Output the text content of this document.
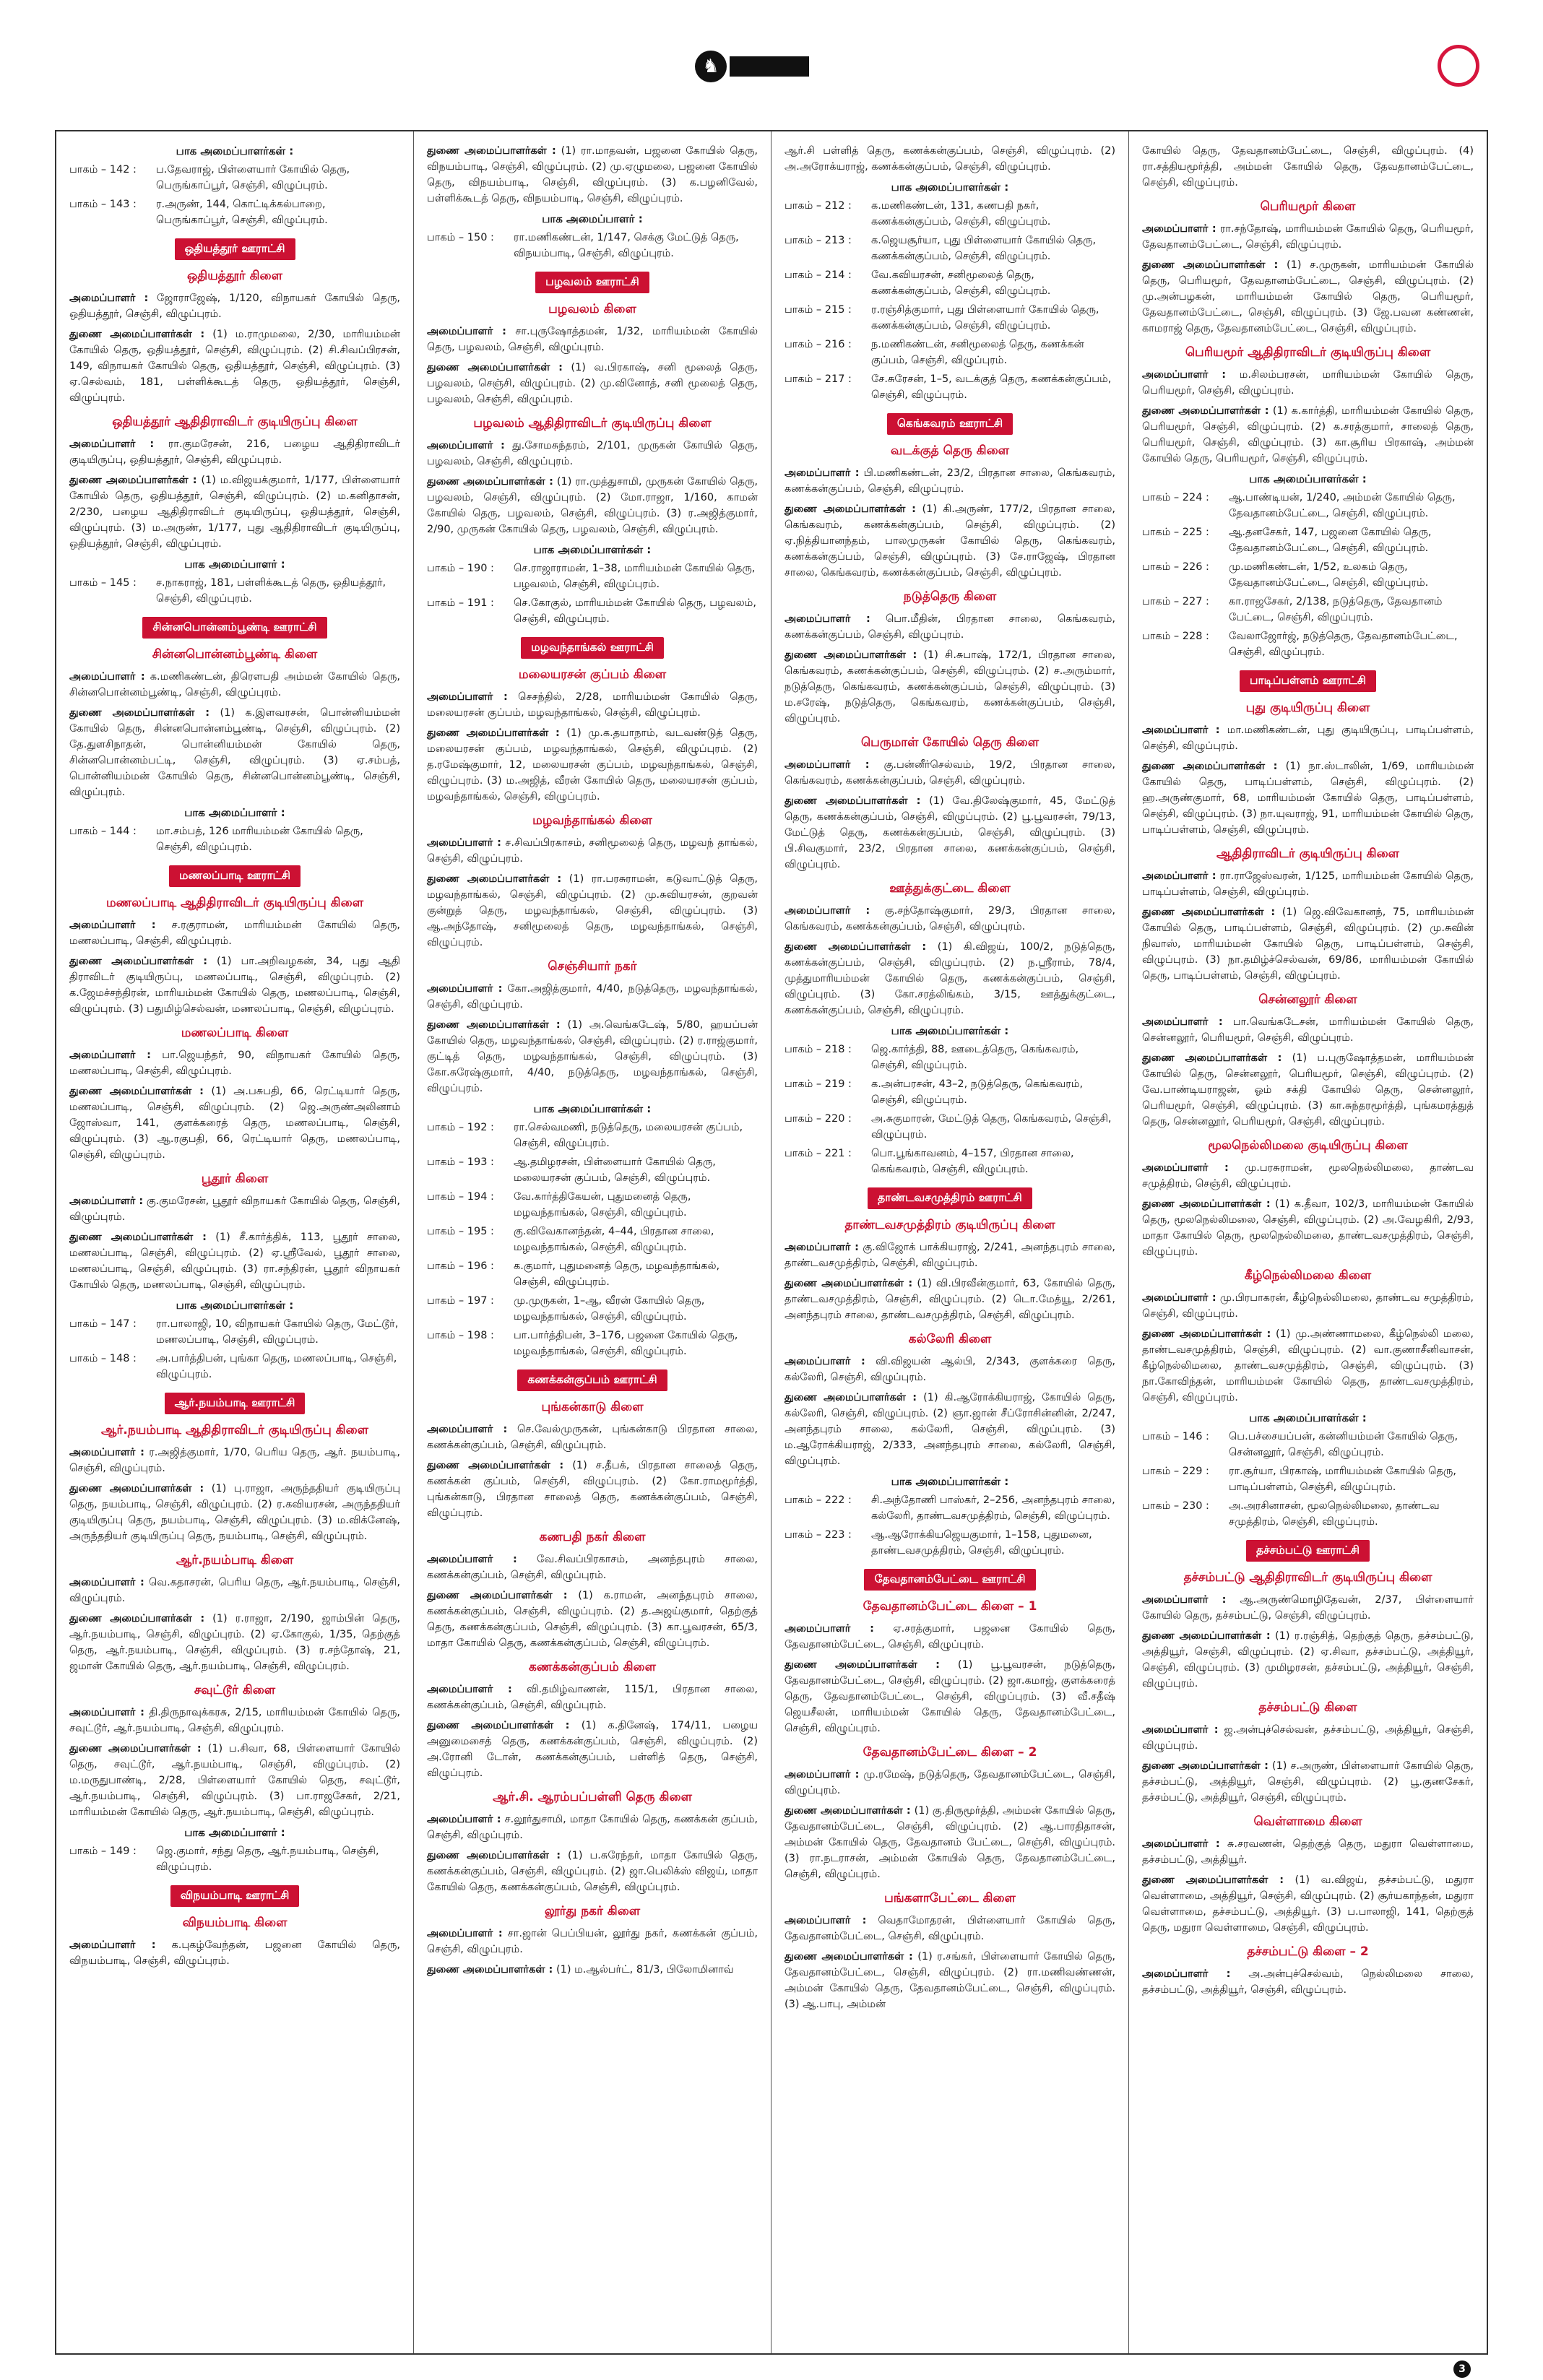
♞
பாக அமைப்பாளர்கள் :
பாகம் – 142 :	ப.தேவராஜ், பிள்ளையார் கோயில் தெரு, பெருங்காப்பூர், செஞ்சி, விழுப்புரம்.
பாகம் – 143 :	ர.அருண், 144, கொட்டிக்கல்பாறை, பெருங்காப்பூர், செஞ்சி, விழுப்புரம்.
ஒதியத்தூர் ஊராட்சி
ஒதியத்தூர் கிளை
அமைப்பாளர் : ஜோராஜேஷ், 1/120, விநாயகர் கோயில் தெரு, ஒதியத்தூர், செஞ்சி, விழுப்புரம்.
துணை அமைப்பாளர்கள் : (1) ம.ராமுமலை, 2/30, மாரியம்மன் கோயில் தெரு, ஒதியத்தூர், செஞ்சி, விழுப்புரம். (2) சி.சிவப்பிரசன், 149, விநாயகர் கோயில் தெரு, ஒதியத்தூர், செஞ்சி, விழுப்புரம். (3) ஏ.செல்வம், 181, பள்ளிக்கூடத் தெரு, ஒதியத்தூர், செஞ்சி, விழுப்புரம்.
ஒதியத்தூர் ஆதிதிராவிடர் குடியிருப்பு கிளை
அமைப்பாளர் : ரா.குமரேசன், 216, பழைய ஆதிதிராவிடர் குடியிருப்பு, ஒதியத்தூர், செஞ்சி, விழுப்புரம்.
துணை அமைப்பாளர்கள் : (1) ம.விஜயக்குமார், 1/177, பிள்ளையார் கோயில் தெரு, ஒதியத்தூர், செஞ்சி, விழுப்புரம். (2) ம.கனிதாசன், 2/230, பழைய ஆதிதிராவிடர் குடியிருப்பு, ஒதியத்தூர், செஞ்சி, விழுப்புரம். (3) ம.அருண், 1/177, புது ஆதிதிராவிடர் குடியிருப்பு, ஒதியத்தூர், செஞ்சி, விழுப்புரம்.
பாக அமைப்பாளர் :
பாகம் – 145 :	ச.நாகராஜ், 181, பள்ளிக்கூடத் தெரு, ஒதியத்தூர், செஞ்சி, விழுப்புரம்.
சின்னபொன்னம்பூண்டி ஊராட்சி
சின்னபொன்னம்பூண்டி கிளை
அமைப்பாளர் : க.மணிகண்டன், திரௌபதி அம்மன் கோயில் தெரு, சின்னபொன்னம்பூண்டி, செஞ்சி, விழுப்புரம்.
துணை அமைப்பாளர்கள் : (1) க.இளவரசன், பொன்னியம்மன் கோயில் தெரு, சின்னபொன்னம்பூண்டி, செஞ்சி, விழுப்புரம். (2) தே.துளசிநாதன், பொன்னியம்மன் கோயில் தெரு, சின்னபொன்னம்பட்டி, செஞ்சி, விழுப்புரம். (3) ஏ.சம்பத், பொன்னியம்மன் கோயில் தெரு, சின்னபொன்னம்பூண்டி, செஞ்சி, விழுப்புரம்.
பாக அமைப்பாளர் :
பாகம் – 144 :	மா.சம்பத், 126 மாரியம்மன் கோயில் தெரு, செஞ்சி, விழுப்புரம்.
மணலப்பாடி ஊராட்சி
மணலப்பாடி ஆதிதிராவிடர் குடியிருப்பு கிளை
அமைப்பாளர் : ச.ரகுராமன், மாரியம்மன் கோயில் தெரு, மணலப்பாடி, செஞ்சி, விழுப்புரம்.
துணை அமைப்பாளர்கள் : (1) பா.அறிவழகன், 34, புது ஆதி திராவிடர் குடியிருப்பு, மணலப்பாடி, செஞ்சி, விழுப்புரம். (2) க.ஜேமச்சந்திரன், மாரியம்மன் கோயில் தெரு, மணலப்பாடி, செஞ்சி, விழுப்புரம். (3) பதுமிழ்செல்வன், மணலப்பாடி, செஞ்சி, விழுப்புரம்.
மணலப்பாடி கிளை
அமைப்பாளர் : பா.ஜெயந்தர், 90, விநாயகர் கோயில் தெரு, மணலப்பாடி, செஞ்சி, விழுப்புரம்.
துணை அமைப்பாளர்கள் : (1) அ.பசுபதி, 66, ரெட்டியார் தெரு, மணலப்பாடி, செஞ்சி, விழுப்புரம். (2) ஜெ.அருண்அலினாம் ஜோஸ்வா, 141, குளக்கரைத் தெரு, மணலப்பாடி, செஞ்சி, விழுப்புரம். (3) ஆ.ரகுபதி, 66, ரெட்டியார் தெரு, மணலப்பாடி, செஞ்சி, விழுப்புரம்.
பூதூர் கிளை
அமைப்பாளர் : கு.குமரேசன், பூதூர் விநாயகர் கோயில் தெரு, செஞ்சி, விழுப்புரம்.
துணை அமைப்பாளர்கள் : (1) சீ.கார்த்திக், 113, பூதூர் சாலை, மணலப்பாடி, செஞ்சி, விழுப்புரம். (2) ஏ.ஸ்ரீவேல், பூதூர் சாலை, மணலப்பாடி, செஞ்சி, விழுப்புரம். (3) ரா.சந்திரன், பூதூர் விநாயகர் கோயில் தெரு, மணலப்பாடி, செஞ்சி, விழுப்புரம்.
பாக அமைப்பாளர்கள் :
பாகம் – 147 :	ரா.பாலாஜி, 10, விநாயகர் கோயில் தெரு, மேட்டூர், மணலப்பாடி, செஞ்சி, விழுப்புரம்.
பாகம் – 148 :	அ.பார்த்திபன், புங்கா தெரு, மணலப்பாடி, செஞ்சி, விழுப்புரம்.
ஆர்.நயம்பாடி ஊராட்சி
ஆர்.நயம்பாடி ஆதிதிராவிடர் குடியிருப்பு கிளை
அமைப்பாளர் : ர.அஜித்குமார், 1/70, பெரிய தெரு, ஆர். நயம்பாடி, செஞ்சி, விழுப்புரம்.
துணை அமைப்பாளர்கள் : (1) பு.ராஜா, அருந்ததியர் குடியிருப்பு தெரு, நயம்பாடி, செஞ்சி, விழுப்புரம். (2) ர.கவியரசன், அருந்ததியர் குடியிருப்பு தெரு, நயம்பாடி, செஞ்சி, விழுப்புரம். (3) ம.விக்னேஷ், அருந்ததியர் குடியிருப்பு தெரு, நயம்பாடி, செஞ்சி, விழுப்புரம்.
ஆர்.நயம்பாடி கிளை
அமைப்பாளர் : வெ.கதாசரன், பெரிய தெரு, ஆர்.நயம்பாடி, செஞ்சி, விழுப்புரம்.
துணை அமைப்பாளர்கள் : (1) ர.ராஜா, 2/190, ஜாம்பின் தெரு, ஆர்.நயம்பாடி, செஞ்சி, விழுப்புரம். (2) ஏ.கோகுல், 1/35, தெற்குத் தெரு, ஆர்.நயம்பாடி, செஞ்சி, விழுப்புரம். (3) ர.சந்தோஷ், 21, ஜமான் கோயில் தெரு, ஆர்.நயம்பாடி, செஞ்சி, விழுப்புரம்.
சவுட்டூர் கிளை
அமைப்பாளர் : தி.திருநாவுக்கரசு, 2/15, மாரியம்மன் கோயில் தெரு, சவுட்டூர், ஆர்.நயம்பாடி, செஞ்சி, விழுப்புரம்.
துணை அமைப்பாளர்கள் : (1) ப.சிவா, 68, பிள்ளையார் கோயில் தெரு, சவுட்டூர், ஆர்.நயம்பாடி, செஞ்சி, விழுப்புரம். (2) ம.மருதுபாண்டி, 2/28, பிள்ளையார் கோயில் தெரு, சவுட்டூர், ஆர்.நயம்பாடி, செஞ்சி, விழுப்புரம். (3) பா.ராஜசேகர், 2/21, மாரியம்மன் கோயில் தெரு, ஆர்.நயம்பாடி, செஞ்சி, விழுப்புரம்.
பாக அமைப்பாளர் :
பாகம் – 149 :	ஜெ.குமார், சந்து தெரு, ஆர்.நயம்பாடி, செஞ்சி, விழுப்புரம்.
விநயம்பாடி ஊராட்சி
விநயம்பாடி கிளை
அமைப்பாளர் : க.புகழ்வேந்தன், பஜனை கோயில் தெரு, விநயம்பாடி, செஞ்சி, விழுப்புரம்.
துணை அமைப்பாளர்கள் : (1) ரா.மாதவன், பஜனை கோயில் தெரு, விநயம்பாடி, செஞ்சி, விழுப்புரம். (2) மு.ஏழுமலை, பஜனை கோயில் தெரு, விநயம்பாடி, செஞ்சி, விழுப்புரம். (3) க.பழனிவேல், பள்ளிக்கூடத் தெரு, விநயம்பாடி, செஞ்சி, விழுப்புரம்.
பாக அமைப்பாளர் :
பாகம் – 150 :	ரா.மணிகண்டன், 1/147, செக்கு மேட்டுத் தெரு, விநயம்பாடி, செஞ்சி, விழுப்புரம்.
பழவலம் ஊராட்சி
பழவலம் கிளை
அமைப்பாளர் : சா.புருஷோத்தமன், 1/32, மாரியம்மன் கோயில் தெரு, பழவலம், செஞ்சி, விழுப்புரம்.
துணை அமைப்பாளர்கள் : (1) வ.பிரகாஷ், சனி மூலைத் தெரு, பழவலம், செஞ்சி, விழுப்புரம். (2) மு.வினோத், சனி மூலைத் தெரு, பழவலம், செஞ்சி, விழுப்புரம்.
பழவலம் ஆதிதிராவிடர் குடியிருப்பு கிளை
அமைப்பாளர் : து.சோமசுந்தரம், 2/101, முருகன் கோயில் தெரு, பழவலம், செஞ்சி, விழுப்புரம்.
துணை அமைப்பாளர்கள் : (1) ரா.முத்துசாமி, முருகன் கோயில் தெரு, பழவலம், செஞ்சி, விழுப்புரம். (2) மோ.ராஜா, 1/160, காமன் கோயில் தெரு, பழவலம், செஞ்சி, விழுப்புரம். (3) ர.அஜித்குமார், 2/90, முருகன் கோயில் தெரு, பழவலம், செஞ்சி, விழுப்புரம்.
பாக அமைப்பாளர்கள் :
பாகம் – 190 :	செ.ராஜாராமன், 1–38, மாரியம்மன் கோயில் தெரு, பழவலம், செஞ்சி, விழுப்புரம்.
பாகம் – 191 :	செ.கோகுல், மாரியம்மன் கோயில் தெரு, பழவலம், செஞ்சி, விழுப்புரம்.
மழவந்தாங்கல் ஊராட்சி
மலையரசன் குப்பம் கிளை
அமைப்பாளர் : செசந்தில், 2/28, மாரியம்மன் கோயில் தெரு, மலையரசன் குப்பம், மழவந்தாங்கல், செஞ்சி, விழுப்புரம்.
துணை அமைப்பாளர்கள் : (1) மு.க.தயாநாம், வடவண்டுத் தெரு, மலையரசன் குப்பம், மழவந்தாங்கல், செஞ்சி, விழுப்புரம். (2) த.ரமேஷ்குமார், 12, மலையரசன் குப்பம், மழவந்தாங்கல், செஞ்சி, விழுப்புரம். (3) ம.அஜித், வீரன் கோயில் தெரு, மலையரசன் குப்பம், மழவந்தாங்கல், செஞ்சி, விழுப்புரம்.
மழவந்தாங்கல் கிளை
அமைப்பாளர் : ச.சிவப்பிரகாசம், சனிமூலைத் தெரு, மழவந் தாங்கல், செஞ்சி, விழுப்புரம்.
துணை அமைப்பாளர்கள் : (1) ரா.பரசுராமன், கடுவாட்டுத் தெரு, மழவந்தாங்கல், செஞ்சி, விழுப்புரம். (2) மு.சுவியரசன், குறவன் குன்றுத் தெரு, மழவந்தாங்கல், செஞ்சி, விழுப்புரம். (3) ஆ.அந்தோஷ், சனிமூலைத் தெரு, மழவந்தாங்கல், செஞ்சி, விழுப்புரம்.
செஞ்சியார் நகர்
அமைப்பாளர் : கோ.அஜித்குமார், 4/40, நடுத்தெரு, மழவந்தாங்கல், செஞ்சி, விழுப்புரம்.
துணை அமைப்பாளர்கள் : (1) அ.வெங்கடேஷ், 5/80, ஹயப்பன் கோயில் தெரு, மழவந்தாங்கல், செஞ்சி, விழுப்புரம். (2) ர.ராஜ்குமார், குட்டித் தெரு, மழவந்தாங்கல், செஞ்சி, விழுப்புரம். (3) கோ.சுரேஷ்குமார், 4/40, நடுத்தெரு, மழவந்தாங்கல், செஞ்சி, விழுப்புரம்.
பாக அமைப்பாளர்கள் :
பாகம் – 192 :	ரா.செல்வமணி, நடுத்தெரு, மலையரசன் குப்பம், செஞ்சி, விழுப்புரம்.
பாகம் – 193 :	ஆ.தமிழரசன், பிள்ளையார் கோயில் தெரு, மலையரசன் குப்பம், செஞ்சி, விழுப்புரம்.
பாகம் – 194 :	வே.கார்த்திகேயன், புதுமனைத் தெரு, மழவந்தாங்கல், செஞ்சி, விழுப்புரம்.
பாகம் – 195 :	கு.விவேகானந்தன், 4–44, பிரதான சாலை, மழவந்தாங்கல், செஞ்சி, விழுப்புரம்.
பாகம் – 196 :	க.குமார், புதுமனைத் தெரு, மழவந்தாங்கல், செஞ்சி, விழுப்புரம்.
பாகம் – 197 :	மு.முருகன், 1–ஆ, வீரன் கோயில் தெரு, மழவந்தாங்கல், செஞ்சி, விழுப்புரம்.
பாகம் – 198 :	பா.பார்த்திபன், 3–176, பஜனை கோயில் தெரு, மழவந்தாங்கல், செஞ்சி, விழுப்புரம்.
கணக்கன்குப்பம் ஊராட்சி
புங்கன்காடு கிளை
அமைப்பாளர் : செ.வேல்முருகன், புங்கன்காடு பிரதான சாலை, கணக்கன்குப்பம், செஞ்சி, விழுப்புரம்.
துணை அமைப்பாளர்கள் : (1) ச.தீபக், பிரதான சாலைத் தெரு, கணக்கன் குப்பம், செஞ்சி, விழுப்புரம். (2) கோ.ராமமூர்த்தி, புங்கன்காடு, பிரதான சாலைத் தெரு, கணக்கன்குப்பம், செஞ்சி, விழுப்புரம்.
கணபதி நகர் கிளை
அமைப்பாளர் : வே.சிவப்பிரகாசம், அனந்தபுரம் சாலை, கணக்கன்குப்பம், செஞ்சி, விழுப்புரம்.
துணை அமைப்பாளர்கள் : (1) க.ராமன், அனந்தபுரம் சாலை, கணக்கன்குப்பம், செஞ்சி, விழுப்புரம். (2) த.அஜய்குமார், தெற்குத் தெரு, கணக்கன்குப்பம், செஞ்சி, விழுப்புரம். (3) கா.பூவரசன், 65/3, மாதா கோயில் தெரு, கணக்கன்குப்பம், செஞ்சி, விழுப்புரம்.
கணக்கன்குப்பம் கிளை
அமைப்பாளர் : வி.தமிழ்வாணன், 115/1, பிரதான சாலை, கணக்கன்குப்பம், செஞ்சி, விழுப்புரம்.
துணை அமைப்பாளர்கள் : (1) க.தினேஷ், 174/11, பழைய அனுமைசைத் தெரு, கணக்கன்குப்பம், செஞ்சி, விழுப்புரம். (2) அ.ரோனி டோன், கணக்கன்குப்பம், பள்ளித் தெரு, செஞ்சி, விழுப்புரம்.
ஆர்.சி. ஆரம்பப்பள்ளி தெரு கிளை
அமைப்பாளர் : ச.லூர்துசாமி, மாதா கோயில் தெரு, கணக்கன் குப்பம், செஞ்சி, விழுப்புரம்.
துணை அமைப்பாளர்கள் : (1) ப.சுரேந்தர், மாதா கோயில் தெரு, கணக்கன்குப்பம், செஞ்சி, விழுப்புரம். (2) ஜா.பெலிக்ஸ் விஜய், மாதா கோயில் தெரு, கணக்கன்குப்பம், செஞ்சி, விழுப்புரம்.
லூர்து நகர் கிளை
அமைப்பாளர் : சா.ஜான் பெப்பியன், லூர்து நகர், கணக்கன் குப்பம், செஞ்சி, விழுப்புரம்.
துணை அமைப்பாளர்கள் : (1) ம.ஆல்பர்ட், 81/3, பிலோமினாவ்
ஆர்.சி பள்ளித் தெரு, கணக்கன்குப்பம், செஞ்சி, விழுப்புரம். (2) அ.அரோக்யராஜ், கணக்கன்குப்பம், செஞ்சி, விழுப்புரம்.
பாக அமைப்பாளர்கள் :
பாகம் – 212 :	க.மணிகண்டன், 131, கணபதி நகர், கணக்கன்குப்பம், செஞ்சி, விழுப்புரம்.
பாகம் – 213 :	க.ஜெயசூர்யா, புது பிள்ளையார் கோயில் தெரு, கணக்கன்குப்பம், செஞ்சி, விழுப்புரம்.
பாகம் – 214 :	வே.கவியரசன், சனிமூலைத் தெரு, கணக்கன்குப்பம், செஞ்சி, விழுப்புரம்.
பாகம் – 215 :	ர.ரஞ்சித்குமார், புது பிள்ளையார் கோயில் தெரு, கணக்கன்குப்பம், செஞ்சி, விழுப்புரம்.
பாகம் – 216 :	ந.மணிகண்டன், சனிமூலைத் தெரு, கணக்கன் குப்பம், செஞ்சி, விழுப்புரம்.
பாகம் – 217 :	சே.சுரேசன், 1–5, வடக்குத் தெரு, கணக்கன்குப்பம், செஞ்சி, விழுப்புரம்.
கெங்கவரம் ஊராட்சி
வடக்குத் தெரு கிளை
அமைப்பாளர் : பி.மணிகண்டன், 23/2, பிரதான சாலை, கெங்கவரம், கணக்கன்குப்பம், செஞ்சி, விழுப்புரம்.
துணை அமைப்பாளர்கள் : (1) கி.அருண், 177/2, பிரதான சாலை, கெங்கவரம், கணக்கன்குப்பம், செஞ்சி, விழுப்புரம். (2) ஏ.நித்தியானந்தம், பாலமுருகன் கோயில் தெரு, கெங்கவரம், கணக்கன்குப்பம், செஞ்சி, விழுப்புரம். (3) சே.ராஜேஷ், பிரதான சாலை, கெங்கவரம், கணக்கன்குப்பம், செஞ்சி, விழுப்புரம்.
நடுத்தெரு கிளை
அமைப்பாளர் : பொ.மீதின், பிரதான சாலை, கெங்கவரம், கணக்கன்குப்பம், செஞ்சி, விழுப்புரம்.
துணை அமைப்பாளர்கள் : (1) சி.சுபாஷ், 172/1, பிரதான சாலை, கெங்கவரம், கணக்கன்குப்பம், செஞ்சி, விழுப்புரம். (2) ச.அரும்மார், நடுத்தெரு, கெங்கவரம், கணக்கன்குப்பம், செஞ்சி, விழுப்புரம். (3) ம.சரேஷ், நடுத்தெரு, கெங்கவரம், கணக்கன்குப்பம், செஞ்சி, விழுப்புரம்.
பெருமாள் கோயில் தெரு கிளை
அமைப்பாளர் : கு.பன்னீர்செல்வம், 19/2, பிரதான சாலை, கெங்கவரம், கணக்கன்குப்பம், செஞ்சி, விழுப்புரம்.
துணை அமைப்பாளர்கள் : (1) வே.திலேஷ்குமார், 45, மேட்டுத் தெரு, கணக்கன்குப்பம், செஞ்சி, விழுப்புரம். (2) பூ.பூவரசன், 79/13, மேட்டுத் தெரு, கணக்கன்குப்பம், செஞ்சி, விழுப்புரம். (3) பி.சிவகுமார், 23/2, பிரதான சாலை, கணக்கன்குப்பம், செஞ்சி, விழுப்புரம்.
ஊத்துக்குட்டை கிளை
அமைப்பாளர் : கு.சந்தோஷ்குமார், 29/3, பிரதான சாலை, கெங்கவரம், கணக்கன்குப்பம், செஞ்சி, விழுப்புரம்.
துணை அமைப்பாளர்கள் : (1) கி.விஜய், 100/2, நடுத்தெரு, கணக்கன்குப்பம், செஞ்சி, விழுப்புரம். (2) ந.ஸ்ரீராம், 78/4, முத்துமாரியம்மன் கோயில் தெரு, கணக்கன்குப்பம், செஞ்சி, விழுப்புரம். (3) கோ.சரத்லிங்கம், 3/15, ஊத்துக்குட்டை, கணக்கன்குப்பம், செஞ்சி, விழுப்புரம்.
பாக அமைப்பாளர்கள் :
பாகம் – 218 :	ஜெ.கார்த்தி, 88, ஊடைத்தெரு, கெங்கவரம், செஞ்சி, விழுப்புரம்.
பாகம் – 219 :	க.அன்பரசன், 43–2, நடுத்தெரு, கெங்கவரம், செஞ்சி, விழுப்புரம்.
பாகம் – 220 :	அ.சுகுமாரன், மேட்டுத் தெரு, கெங்கவரம், செஞ்சி, விழுப்புரம்.
பாகம் – 221 :	பொ.பூங்காவனம், 4–157, பிரதான சாலை, கெங்கவரம், செஞ்சி, விழுப்புரம்.
தாண்டவசமுத்திரம் ஊராட்சி
தாண்டவசமுத்திரம் குடியிருப்பு கிளை
அமைப்பாளர் : கு.விஜோக் பாக்கியராஜ், 2/241, அனந்தபுரம் சாலை, தாண்டவசமுத்திரம், செஞ்சி, விழுப்புரம்.
துணை அமைப்பாளர்கள் : (1) வி.பிரவீன்குமார், 63, கோயில் தெரு, தாண்டவசமுத்திரம், செஞ்சி, விழுப்புரம். (2) டொ.மேத்யூ, 2/261, அனந்தபுரம் சாலை, தாண்டவசமுத்திரம், செஞ்சி, விழுப்புரம்.
கல்லேரி கிளை
அமைப்பாளர் : வி.விஜயன் ஆல்பி, 2/343, குளக்கரை தெரு, கல்லேரி, செஞ்சி, விழுப்புரம்.
துணை அமைப்பாளர்கள் : (1) கி.ஆரோக்கியராஜ், கோயில் தெரு, கல்லேரி, செஞ்சி, விழுப்புரம். (2) ஞா.ஜான் சீப்ரோசின்னின், 2/247, அனந்தபுரம் சாலை, கல்லேரி, செஞ்சி, விழுப்புரம். (3) ம.ஆரோக்கியராஜ், 2/333, அனந்தபுரம் சாலை, கல்லேரி, செஞ்சி, விழுப்புரம்.
பாக அமைப்பாளர்கள் :
பாகம் – 222 :	சி.அந்தோணி பாஸ்கர், 2–256, அனந்தபுரம் சாலை, கல்லேரி, தாண்டவசமுத்திரம், செஞ்சி, விழுப்புரம்.
பாகம் – 223 :	ஆ.ஆரோக்கியஜெயகுமார், 1–158, புதுமனை, தாண்டவசமுத்திரம், செஞ்சி, விழுப்புரம்.
தேவதானம்பேட்டை ஊராட்சி
தேவதானம்பேட்டை கிளை – 1
அமைப்பாளர் : ஏ.சரத்குமார், பஜனை கோயில் தெரு, தேவதானம்பேட்டை, செஞ்சி, விழுப்புரம்.
துணை அமைப்பாளர்கள் : (1) பூ.பூவரசன், நடுத்தெரு, தேவதானம்பேட்டை, செஞ்சி, விழுப்புரம். (2) ஜா.கமாஜ், குளக்கரைத் தெரு, தேவதானம்பேட்டை, செஞ்சி, விழுப்புரம். (3) வீ.சதீஷ் ஜெயசீலன், மாரியம்மன் கோயில் தெரு, தேவதானம்பேட்டை, செஞ்சி, விழுப்புரம்.
தேவதானம்பேட்டை கிளை – 2
அமைப்பாளர் : மு.ரமேஷ், நடுத்தெரு, தேவதானம்பேட்டை, செஞ்சி, விழுப்புரம்.
துணை அமைப்பாளர்கள் : (1) கு.திருமூர்த்தி, அம்மன் கோயில் தெரு, தேவதானம்பேட்டை, செஞ்சி, விழுப்புரம். (2) ஆ.பாரதிதாசன், அம்மன் கோயில் தெரு, தேவதானம் பேட்டை, செஞ்சி, விழுப்புரம். (3) ரா.நடராசன், அம்மன் கோயில் தெரு, தேவதானம்பேட்டை, செஞ்சி, விழுப்புரம்.
பங்களாபேட்டை கிளை
அமைப்பாளர் : வெதாமோதரன், பிள்ளையார் கோயில் தெரு, தேவதானம்பேட்டை, செஞ்சி, விழுப்புரம்.
துணை அமைப்பாளர்கள் : (1) ர.சங்கர், பிள்ளையார் கோயில் தெரு, தேவதானம்பேட்டை, செஞ்சி, விழுப்புரம். (2) ரா.மணிவண்ணன், அம்மன் கோயில் தெரு, தேவதானம்பேட்டை, செஞ்சி, விழுப்புரம். (3) ஆ.பாபு, அம்மன்
கோயில் தெரு, தேவதானம்பேட்டை, செஞ்சி, விழுப்புரம். (4) ரா.சத்தியமூர்த்தி, அம்மன் கோயில் தெரு, தேவதானம்பேட்டை, செஞ்சி, விழுப்புரம்.
பெரியமூர் கிளை
அமைப்பாளர் : ரா.சந்தோஷ், மாரியம்மன் கோயில் தெரு, பெரியமூர், தேவதானம்பேட்டை, செஞ்சி, விழுப்புரம்.
துணை அமைப்பாளர்கள் : (1) ச.முருகன், மாரியம்மன் கோயில் தெரு, பெரியமூர், தேவதானம்பேட்டை, செஞ்சி, விழுப்புரம். (2) மு.அன்பழகன், மாரியம்மன் கோயில் தெரு, பெரியமூர், தேவதானம்பேட்டை, செஞ்சி, விழுப்புரம். (3) ஜே.பவன கண்ணன், காமராஜ் தெரு, தேவதானம்பேட்டை, செஞ்சி, விழுப்புரம்.
பெரியமூர் ஆதிதிராவிடர் குடியிருப்பு கிளை
அமைப்பாளர் : ம.சிலம்பரசன், மாரியம்மன் கோயில் தெரு, பெரியமூர், செஞ்சி, விழுப்புரம்.
துணை அமைப்பாளர்கள் : (1) க.கார்த்தி, மாரியம்மன் கோயில் தெரு, பெரியமூர், செஞ்சி, விழுப்புரம். (2) க.சரத்குமார், சாலைத் தெரு, பெரியமூர், செஞ்சி, விழுப்புரம். (3) கா.சூரிய பிரகாஷ், அம்மன் கோயில் தெரு, பெரியமூர், செஞ்சி, விழுப்புரம்.
பாக அமைப்பாளர்கள் :
பாகம் – 224 :	ஆ.பாண்டியன், 1/240, அம்மன் கோயில் தெரு, தேவதானம்பேட்டை, செஞ்சி, விழுப்புரம்.
பாகம் – 225 :	ஆ.தனசேகர், 147, பஜனை கோயில் தெரு, தேவதானம்பேட்டை, செஞ்சி, விழுப்புரம்.
பாகம் – 226 :	மு.மணிகண்டன், 1/52, உலகம் தெரு, தேவதானம்பேட்டை, செஞ்சி, விழுப்புரம்.
பாகம் – 227 :	கா.ராஜசேகர், 2/138, நடுத்தெரு, தேவதானம் பேட்டை, செஞ்சி, விழுப்புரம்.
பாகம் – 228 :	வேலாஜோர்ஜ், நடுத்தெரு, தேவதானம்பேட்டை, செஞ்சி, விழுப்புரம்.
பாடிப்பள்ளம் ஊராட்சி
புது குடியிருப்பு கிளை
அமைப்பாளர் : மா.மணிகண்டன், புது குடியிருப்பு, பாடிப்பள்ளம், செஞ்சி, விழுப்புரம்.
துணை அமைப்பாளர்கள் : (1) நா.ஸ்டாலின், 1/69, மாரியம்மன் கோயில் தெரு, பாடிப்பள்ளம், செஞ்சி, விழுப்புரம். (2) ஹ.அருண்குமார், 68, மாரியம்மன் கோயில் தெரு, பாடிப்பள்ளம், செஞ்சி, விழுப்புரம். (3) நா.யுவராஜ், 91, மாரியம்மன் கோயில் தெரு, பாடிப்பள்ளம், செஞ்சி, விழுப்புரம்.
ஆதிதிராவிடர் குடியிருப்பு கிளை
அமைப்பாளர் : ரா.ராஜேஸ்வரன், 1/125, மாரியம்மன் கோயில் தெரு, பாடிப்பள்ளம், செஞ்சி, விழுப்புரம்.
துணை அமைப்பாளர்கள் : (1) ஜெ.விவேகானந், 75, மாரியம்மன் கோயில் தெரு, பாடிப்பள்ளம், செஞ்சி, விழுப்புரம். (2) மு.சுவின் நிவாஸ், மாரியம்மன் கோயில் தெரு, பாடிப்பள்ளம், செஞ்சி, விழுப்புரம். (3) நா.தமிழ்ச்செல்வன், 69/86, மாரியம்மன் கோயில் தெரு, பாடிப்பள்ளம், செஞ்சி, விழுப்புரம்.
சென்னலூர் கிளை
அமைப்பாளர் : பா.வெங்கடேசன், மாரியம்மன் கோயில் தெரு, சென்னலூர், பெரியமூர், செஞ்சி, விழுப்புரம்.
துணை அமைப்பாளர்கள் : (1) ப.புருஷோத்தமன், மாரியம்மன் கோயில் தெரு, சென்னலூர், பெரியமூர், செஞ்சி, விழுப்புரம். (2) வே.பாண்டியராஜன், ஓம் சக்தி கோயில் தெரு, சென்னலூர், பெரியமூர், செஞ்சி, விழுப்புரம். (3) கா.சுந்தரமூர்த்தி, புங்கமரத்துத் தெரு, சென்னலூர், பெரியமூர், செஞ்சி, விழுப்புரம்.
மூலநெல்லிமலை குடியிருப்பு கிளை
அமைப்பாளர் : மு.பரசுராமன், மூலநெல்லிமலை, தாண்டவ சமுத்திரம், செஞ்சி, விழுப்புரம்.
துணை அமைப்பாளர்கள் : (1) க.தீவா, 102/3, மாரியம்மன் கோயில் தெரு, மூலநெல்லிமலை, செஞ்சி, விழுப்புரம். (2) அ.வேழகிரி, 2/93, மாதா கோயில் தெரு, மூலநெல்லிமலை, தாண்டவசமுத்திரம், செஞ்சி, விழுப்புரம்.
கீழ்நெல்லிமலை கிளை
அமைப்பாளர் : மு.பிரபாகரன், கீழ்நெல்லிமலை, தாண்டவ சமுத்திரம், செஞ்சி, விழுப்புரம்.
துணை அமைப்பாளர்கள் : (1) மு.அண்ணாமலை, கீழ்நெல்லி மலை, தாண்டவசமுத்திரம், செஞ்சி, விழுப்புரம். (2) வா.குணாசீனிவாசன், கீழ்நெல்லிமலை, தாண்டவசமுத்திரம், செஞ்சி, விழுப்புரம். (3) நா.கோவிந்தன், மாரியம்மன் கோயில் தெரு, தாண்டவசமுத்திரம், செஞ்சி, விழுப்புரம்.
பாக அமைப்பாளர்கள் :
பாகம் – 146 :	பெ.பச்சையப்பன், கன்னியம்மன் கோயில் தெரு, சென்னலூர், செஞ்சி, விழுப்புரம்.
பாகம் – 229 :	ரா.சூர்யா, பிரகாஷ், மாரியம்மன் கோயில் தெரு, பாடிப்பள்ளம், செஞ்சி, விழுப்புரம்.
பாகம் – 230 :	அ.அரசினாசன், மூலநெல்லிமலை, தாண்டவ சமுத்திரம், செஞ்சி, விழுப்புரம்.
தச்சம்பட்டு ஊராட்சி
தச்சம்பட்டு ஆதிதிராவிடர் குடியிருப்பு கிளை
அமைப்பாளர் : ஆ.அருண்மொழிதேவன், 2/37, பிள்ளையார் கோயில் தெரு, தச்சம்பட்டு, செஞ்சி, விழுப்புரம்.
துணை அமைப்பாளர்கள் : (1) ர.ரஞ்சித், தெற்குத் தெரு, தச்சம்பட்டு, அத்தியூர், செஞ்சி, விழுப்புரம். (2) ஏ.சிவா, தச்சம்பட்டு, அத்தியூர், செஞ்சி, விழுப்புரம். (3) முமிழரசன், தச்சம்பட்டு, அத்தியூர், செஞ்சி, விழுப்புரம்.
தச்சம்பட்டு கிளை
அமைப்பாளர் : ஜ.அன்புச்செல்வன், தச்சம்பட்டு, அத்தியூர், செஞ்சி, விழுப்புரம்.
துணை அமைப்பாளர்கள் : (1) ச.அருண், பிள்ளையார் கோயில் தெரு, தச்சம்பட்டு, அத்தியூர், செஞ்சி, விழுப்புரம். (2) பூ.குணசேகர், தச்சம்பட்டு, அத்தியூர், செஞ்சி, விழுப்புரம்.
வெள்ளாமை கிளை
அமைப்பாளர் : சு.சரவணன், தெற்குத் தெரு, மதுரா வெள்ளாமை, தச்சம்பட்டு, அத்தியூர்.
துணை அமைப்பாளர்கள் : (1) வ.விஜய், தச்சம்பட்டு, மதுரா வெள்ளாமை, அத்தியூர், செஞ்சி, விழுப்புரம். (2) சூர்யகாந்தன், மதுரா வெள்ளாமை, தச்சம்பட்டு, அத்தியூர். (3) ப.பாலாஜி, 141, தெற்குத் தெரு, மதுரா வெள்ளாமை, செஞ்சி, விழுப்புரம்.
தச்சம்பட்டு கிளை – 2
அமைப்பாளர் : அ.அன்புச்செல்வம், நெல்லிமலை சாலை, தச்சம்பட்டு, அத்தியூர், செஞ்சி, விழுப்புரம்.
3
